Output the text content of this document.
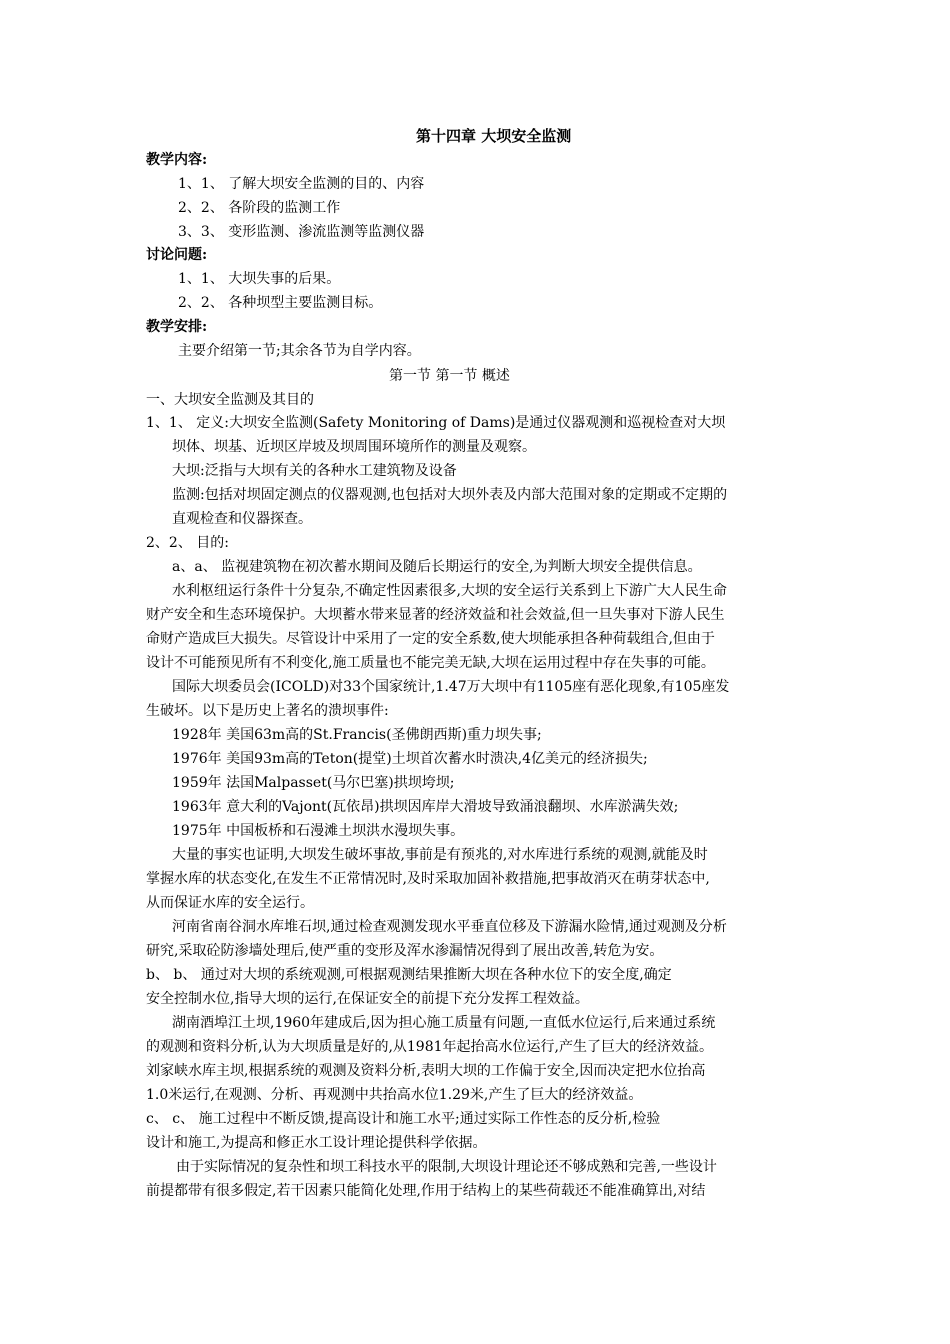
第十四章 大坝安全监测
教学内容:
1、1、 了解大坝安全监测的目的、内容
2、2、 各阶段的监测工作
3、3、 变形监测、渗流监测等监测仪器
讨论问题:
1、1、 大坝失事的后果。
2、2、 各种坝型主要监测目标。
教学安排:
主要介绍第一节;其余各节为自学内容。
第一节 第一节 概述
一、大坝安全监测及其目的
1、1、 定义:大坝安全监测(Safety Monitoring of Dams)是通过仪器观测和巡视检查对大坝
坝体、坝基、近坝区岸坡及坝周围环境所作的测量及观察。
大坝:泛指与大坝有关的各种水工建筑物及设备
监测:包括对坝固定测点的仪器观测,也包括对大坝外表及内部大范围对象的定期或不定期的
直观检查和仪器探查。
2、2、 目的:
a、a、 监视建筑物在初次蓄水期间及随后长期运行的安全,为判断大坝安全提供信息。
水利枢纽运行条件十分复杂,不确定性因素很多,大坝的安全运行关系到上下游广大人民生命
财产安全和生态环境保护。大坝蓄水带来显著的经济效益和社会效益,但一旦失事对下游人民生
命财产造成巨大损失。尽管设计中采用了一定的安全系数,使大坝能承担各种荷载组合,但由于
设计不可能预见所有不利变化,施工质量也不能完美无缺,大坝在运用过程中存在失事的可能。
国际大坝委员会(ICOLD)对33个国家统计,1.47万大坝中有1105座有恶化现象,有105座发
生破坏。以下是历史上著名的溃坝事件:
1928年 美国63m高的St.Francis(圣佛朗西斯)重力坝失事;
1976年 美国93m高的Teton(提堂)土坝首次蓄水时溃决,4亿美元的经济损失;
1959年 法国Malpasset(马尔巴塞)拱坝垮坝;
1963年 意大利的Vajont(瓦依昂)拱坝因库岸大滑坡导致涌浪翻坝、水库淤满失效;
1975年 中国板桥和石漫滩土坝洪水漫坝失事。
大量的事实也证明,大坝发生破坏事故,事前是有预兆的,对水库进行系统的观测,就能及时
掌握水库的状态变化,在发生不正常情况时,及时采取加固补救措施,把事故消灭在萌芽状态中,
从而保证水库的安全运行。
河南省南谷洞水库堆石坝,通过检查观测发现水平垂直位移及下游漏水险情,通过观测及分析
研究,采取砼防渗墙处理后,使严重的变形及浑水渗漏情况得到了展出改善,转危为安。
b、 b、 通过对大坝的系统观测,可根据观测结果推断大坝在各种水位下的安全度,确定
安全控制水位,指导大坝的运行,在保证安全的前提下充分发挥工程效益。
湖南酒埠江土坝,1960年建成后,因为担心施工质量有问题,一直低水位运行,后来通过系统
的观测和资料分析,认为大坝质量是好的,从1981年起抬高水位运行,产生了巨大的经济效益。
刘家峡水库主坝,根据系统的观测及资料分析,表明大坝的工作偏于安全,因而决定把水位抬高
1.0米运行,在观测、分析、再观测中共抬高水位1.29米,产生了巨大的经济效益。
c、 c、 施工过程中不断反馈,提高设计和施工水平;通过实际工作性态的反分析,检验
设计和施工,为提高和修正水工设计理论提供科学依据。
由于实际情况的复杂性和坝工科技水平的限制,大坝设计理论还不够成熟和完善,一些设计
前提都带有很多假定,若干因素只能简化处理,作用于结构上的某些荷载还不能准确算出,对结
